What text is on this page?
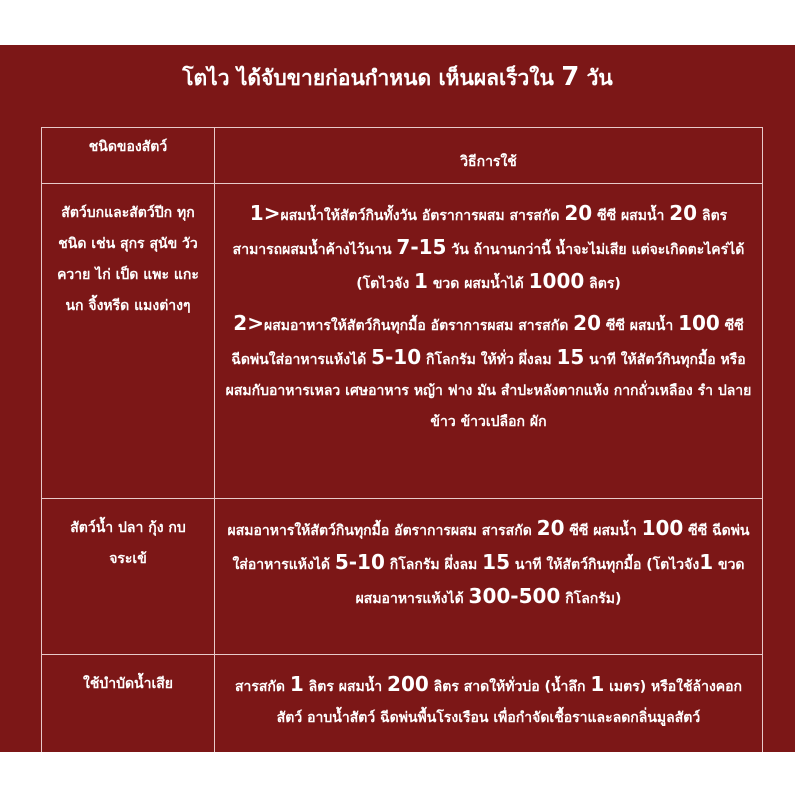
โตไว ได้จับขายก่อนกำหนด เห็นผลเร็วใน 7 วัน
ชนิดของสัตว์	วิธีการใช้

สัตว์บกและสัตว์ปีก ทุกชนิด เช่น สุกร สุนัข วัว ควาย ไก่ เป็ด แพะ แกะ นก จิ้งหรีด แมงต่างๆ	1>ผสมน้ำให้สัตว์กินทั้งวัน อัตราการผสม สารสกัด 20 ซีซี ผสมน้ำ 20 ลิตร สามารถผสมน้ำค้างไว้นาน 7-15 วัน ถ้านานกว่านี้ น้ำจะไม่เสีย แต่จะเกิดตะไคร่ได้ (โตไวจัง 1 ขวด ผสมน้ำได้ 1000 ลิตร)

2>ผสมอาหารให้สัตว์กินทุกมื้อ อัตราการผสม สารสกัด 20 ซีซี ผสมน้ำ 100 ซีซี ฉีดพ่นใส่อาหารแห้งได้ 5-10 กิโลกรัม ให้ทั่ว ผึ่งลม 15 นาที ให้สัตว์กินทุกมื้อ หรือผสมกับอาหารเหลว เศษอาหาร หญ้า ฟาง มัน สำปะหลังตากแห้ง กากถั่วเหลือง รำ ปลายข้าว ข้าวเปลือก ผัก

สัตว์น้ำ ปลา กุ้ง กบ จระเข้	ผสมอาหารให้สัตว์กินทุกมื้อ อัตราการผสม สารสกัด 20 ซีซี ผสมน้ำ 100 ซีซี ฉีดพ่นใส่อาหารแห้งได้ 5-10 กิโลกรัม ผึ่งลม 15 นาที ให้สัตว์กินทุกมื้อ (โตไวจัง1 ขวด ผสมอาหารแห้งได้ 300-500 กิโลกรัม)

ใช้บำบัดน้ำเสีย	สารสกัด 1 ลิตร ผสมน้ำ 200 ลิตร สาดให้ทั่วบ่อ (น้ำลึก 1 เมตร) หรือใช้ล้างคอกสัตว์ อาบน้ำสัตว์ ฉีดพ่นพื้นโรงเรือน เพื่อกำจัดเชื้อราและลดกลิ่นมูลสัตว์
